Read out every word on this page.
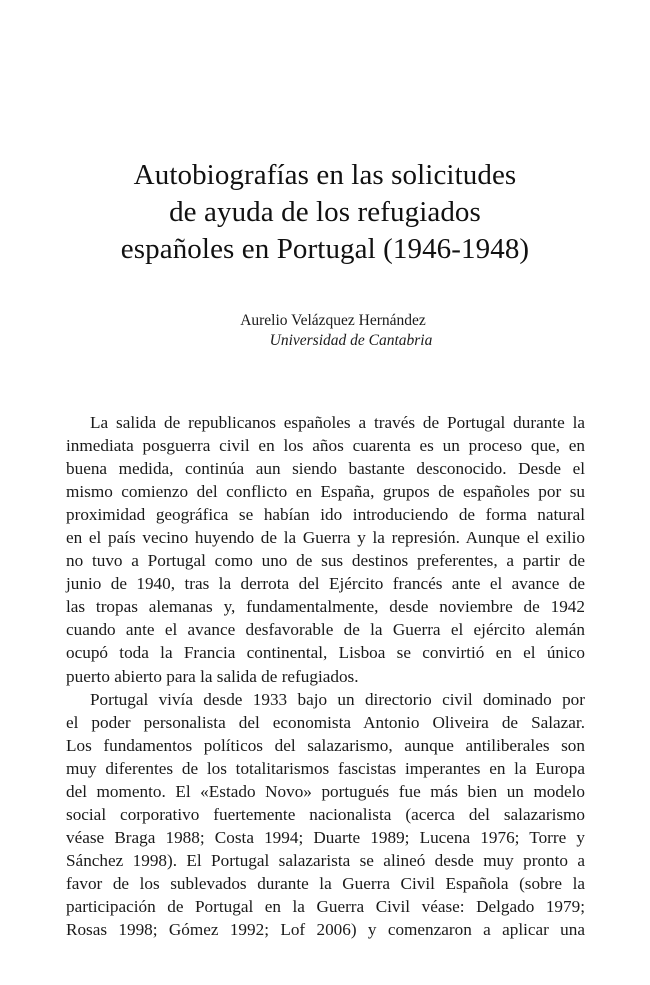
Autobiografías en las solicitudes
de ayuda de los refugiados
españoles en Portugal (1946-1948)
Aurelio Velázquez Hernández
Universidad de Cantabria
La salida de republicanos españoles a través de Portugal durante la
inmediata posguerra civil en los años cuarenta es un proceso que, en
buena medida, continúa aun siendo bastante desconocido. Desde el
mismo comienzo del conflicto en España, grupos de españoles por su
proximidad geográfica se habían ido introduciendo de forma natural
en el país vecino huyendo de la Guerra y la represión. Aunque el exilio
no tuvo a Portugal como uno de sus destinos preferentes, a partir de
junio de 1940, tras la derrota del Ejército francés ante el avance de
las tropas alemanas y, fundamentalmente, desde noviembre de 1942
cuando ante el avance desfavorable de la Guerra el ejército alemán
ocupó toda la Francia continental, Lisboa se convirtió en el único
puerto abierto para la salida de refugiados.
Portugal vivía desde 1933 bajo un directorio civil dominado por
el poder personalista del economista Antonio Oliveira de Salazar.
Los fundamentos políticos del salazarismo, aunque antiliberales son
muy diferentes de los totalitarismos fascistas imperantes en la Europa
del momento. El «Estado Novo» portugués fue más bien un modelo
social corporativo fuertemente nacionalista (acerca del salazarismo
véase Braga 1988; Costa 1994; Duarte 1989; Lucena 1976; Torre y
Sánchez 1998). El Portugal salazarista se alineó desde muy pronto a
favor de los sublevados durante la Guerra Civil Española (sobre la
participación de Portugal en la Guerra Civil véase: Delgado 1979;
Rosas 1998; Gómez 1992; Lof 2006) y comenzaron a aplicar una
